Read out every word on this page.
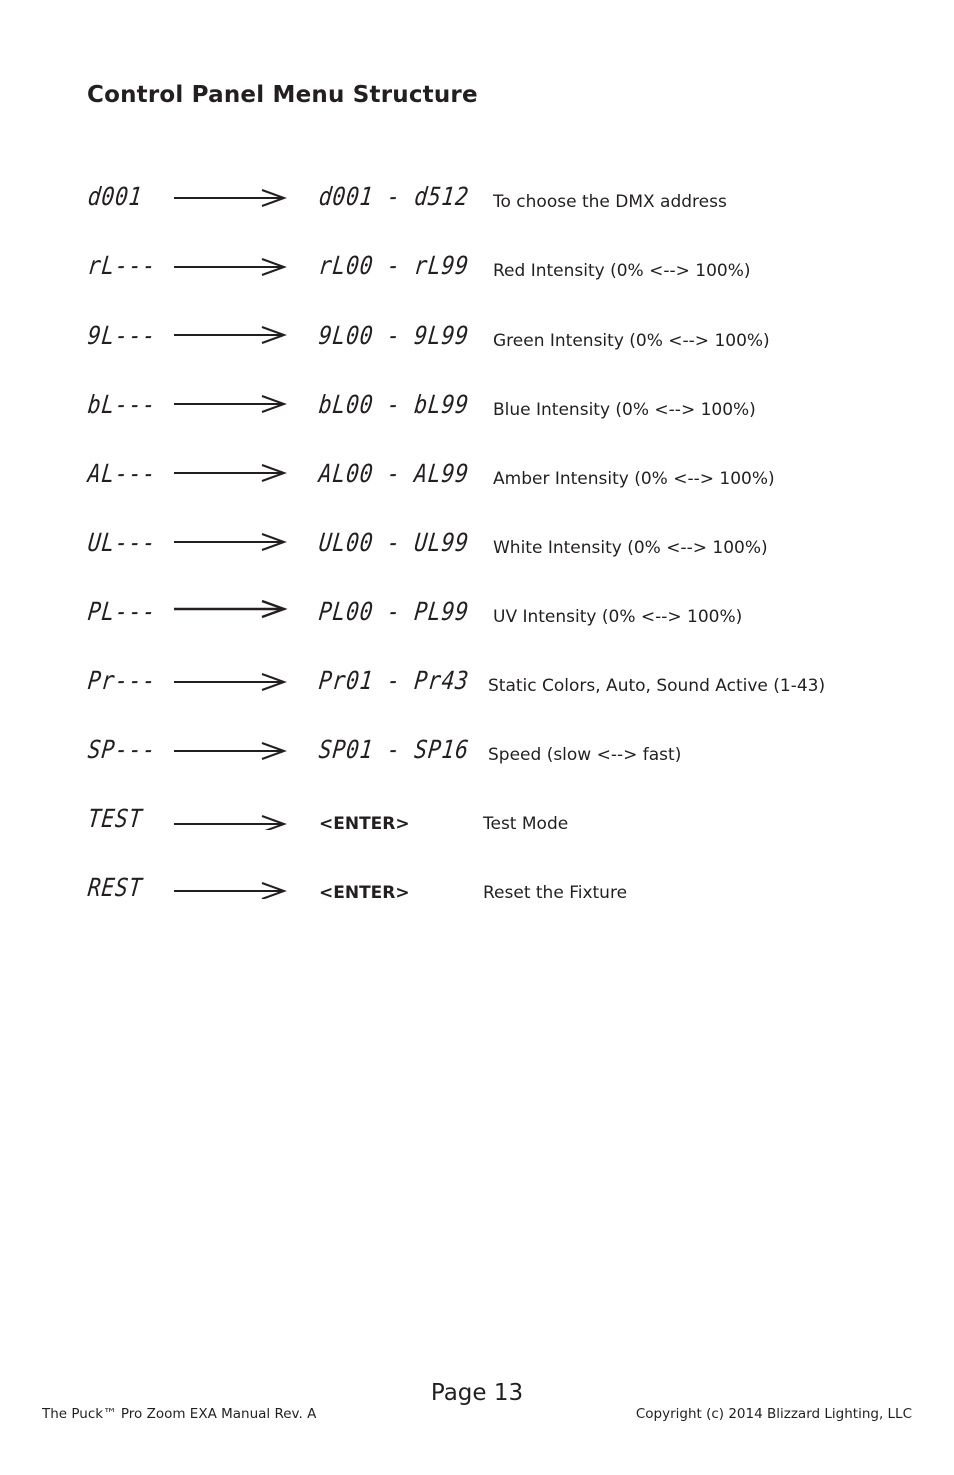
Control Panel Menu Structure
d001	d001 - d512 To choose the DMX address
rL---	rL00 - rL99 Red Intensity (0% <--> 100%)
9L---	9L00 - 9L99 Green Intensity (0% <--> 100%)
bL---	bL00 - bL99 Blue Intensity (0% <--> 100%)
AL---	AL00 - AL99 Amber Intensity (0% <--> 100%)
UL---	UL00 - UL99 White Intensity (0% <--> 100%)
PL---	PL00 - PL99 UV Intensity (0% <--> 100%)
Pr---	Pr01 - Pr43 Static Colors, Auto, Sound Active (1-43)
SP---	SP01 - SP16 Speed (slow <--> fast)
TEST	<ENTER>	Test Mode
REST	<ENTER>	Reset the Fixture
Page 13
The Puck™ Pro Zoom EXA Manual Rev. A	Copyright (c) 2014 Blizzard Lighting, LLC
